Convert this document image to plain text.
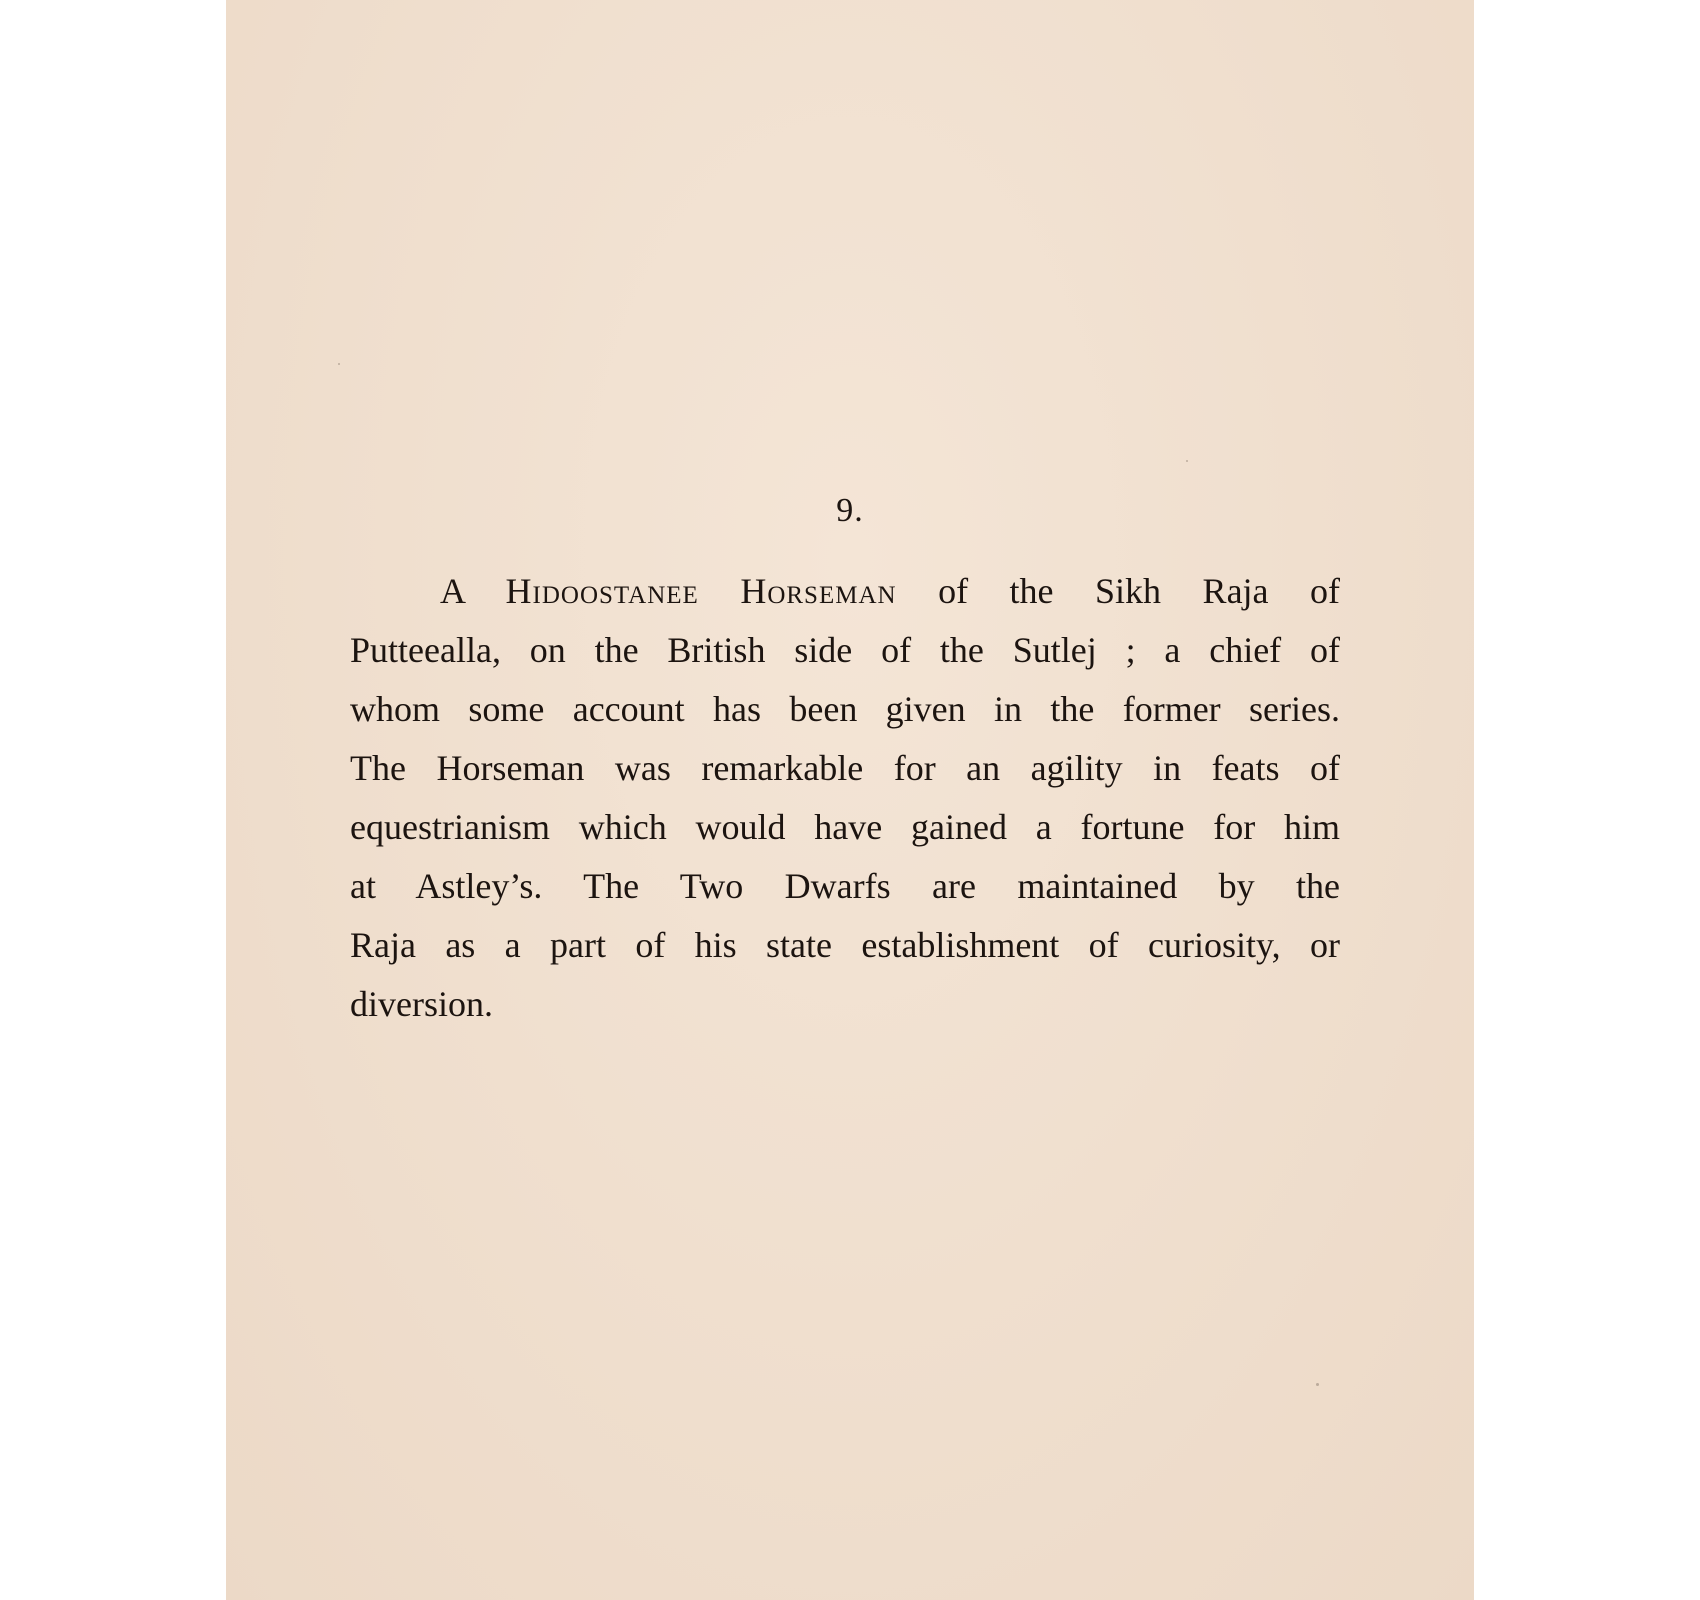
9.
A Hidoostanee Horseman of the Sikh Raja of
Putteealla, on the British side of the Sutlej ; a chief of
whom some account has been given in the former series.
The Horseman was remarkable for an agility in feats of
equestrianism which would have gained a fortune for him
at Astley’s. The Two Dwarfs are maintained by the
Raja as a part of his state establishment of curiosity, or
diversion.
